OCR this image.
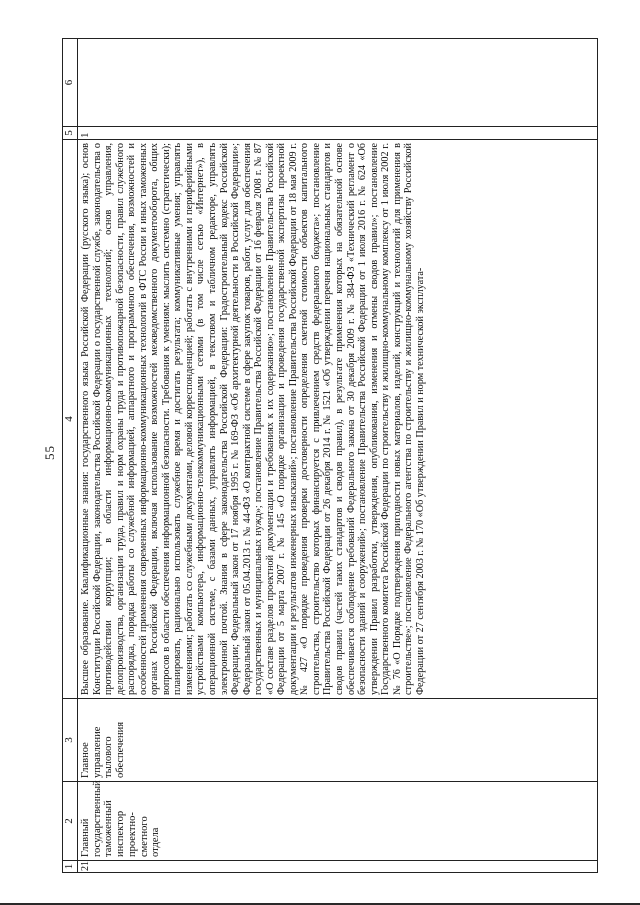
55
1	2	3	4	5	6

21	Главный государственный таможенный инспектор проектно-сметного отдела	Главное управление тылового обеспечения	Высшее образование. Квалификационные знания: государственного языка Российской Федерации (русского языка); основ Конституции Российской Федерации, законодательства Российской Федерации о государственной службе, законодательства о противодействии коррупции; в области информационно-коммуникационных технологий; основ управления, делопроизводства, организации труда, правил и норм охраны труда и противопожарной безопасности, правил служебного распорядка, порядка работы со служебной информацией, аппаратного и программного обеспечения, возможностей и особенностей применения современных информационно-коммуникационных технологий в ФТС России и иных таможенных органах Российской Федерации, включая использование возможностей межведомственного документооборота, общих вопросов в области обеспечения информационной безопасности. Требования к умениям: мыслить системно (стратегически); планировать, рационально использовать служебное время и достигать результата; коммуникативные умения; управлять изменениями; работать со служебными документами, деловой корреспонденцией; работать с внутренними и периферийными устройствами компьютера, информационно-телекоммуникационными сетями (в том числе сетью «Интернет»), в операционной системе, с базами данных, управлять информацией, в текстовом и табличном редакторе, управлять электронной почтой. Знания в сфере законодательства Российской Федерации: Градостроительный кодекс Российской Федерации; Федеральный закон от 17 ноября 1995 г. № 169-ФЗ «Об архитектурной деятельности в Российской Федерации»; Федеральный закон от 05.04.2013 г. № 44-ФЗ «О контрактной системе в сфере закупок товаров, работ, услуг для обеспечения государственных и муниципальных нужд»; постановление Правительства Российской Федерации от 16 февраля 2008 г. № 87 «О составе разделов проектной документации и требованиях к их содержанию»; постановление Правительства Российской Федерации от 5 марта 2007 г. № 145 «О порядке организации и проведения государственной экспертизы проектной документации и результатов инженерных изысканий»; постановление Правительства Российской Федерации от 18 мая 2009 г. № 427 «О порядке проведения проверки достоверности определения сметной стоимости объектов капитального строительства, строительство которых финансируется с привлечением средств федерального бюджета»; постановление Правительства Российской Федерации от 26 декабря 2014 г. № 1521 «Об утверждении перечня национальных стандартов и сводов правил (частей таких стандартов и сводов правил), в результате применения которых на обязательной основе обеспечивается соблюдение требований Федерального закона от 30 декабря 2009 г. № 384-ФЗ «Технический регламент о безопасности зданий и сооружений»; постановление Правительства Российской Федерации от 1 июля 2016 г. № 624 «Об утверждении Правил разработки, утверждения, опубликования, изменения и отмены сводов правил»; постановление Государственного комитета Российской Федерации по строительству и жилищно-коммунальному комплексу от 1 июля 2002 г. № 76 «О Порядке подтверждения пригодности новых материалов, изделий, конструкций и технологий для применения в строительстве»; постановление Федерального агентства по строительству и жилищно-коммунальному хозяйству Российской Федерации от 27 сентября 2003 г. № 170 «Об утверждении Правил и норм технической эксплуата-	1	
